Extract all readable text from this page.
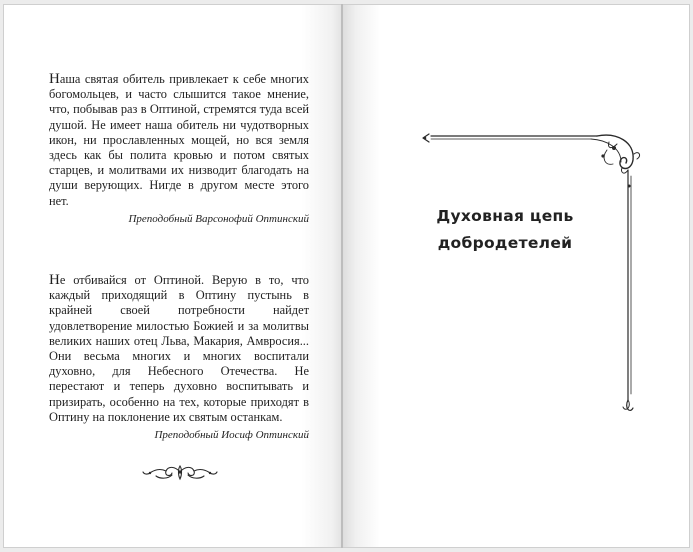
Наша святая обитель привлекает к себе многих богомольцев, и часто слышится такое мнение, что, побывав раз в Оптиной, стремятся туда всей душой. Не имеет наша обитель ни чудотворных икон, ни прославленных мощей, но вся земля здесь как бы полита кровью и потом святых старцев, и молитвами их низводит благодать на души верующих. Нигде в другом месте этого нет.

Преподобный Варсонофий Оптинский

Не отбивайся от Оптиной. Верую в то, что каждый приходящий в Оптину пустынь в крайней своей потребности найдет удовлетворение милостью Божией и за молитвы великих наших отец Льва, Макария, Амвросия... Они весьма многих и многих воспитали духовно, для Небесного Отечества. Не перестают и теперь духовно воспитывать и призирать, особенно на тех, которые приходят в Оптину на поклонение их святым останкам.

Преподобный Иосиф Оптинский
Духовная цепь
добродетелей
